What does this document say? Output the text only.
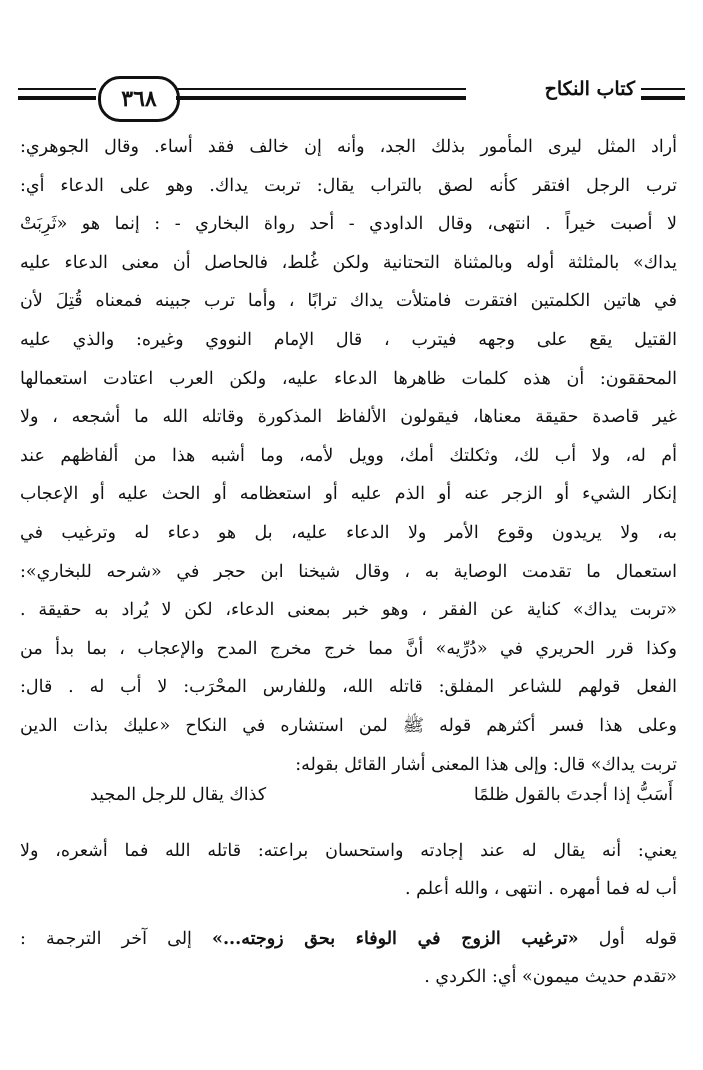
٣٦٨	كتاب النكاح
أراد المثل ليرى المأمور بذلك الجد، وأنه إن خالف فقد أساء. وقال الجوهري:
ترب الرجل افتقر كأنه لصق بالتراب يقال: تربت يداك. وهو على الدعاء أي:
لا أصبت خيراً . انتهى، وقال الداودي - أحد رواة البخاري - : إنما هو «ثَرِبَتْ
يداك» بالمثلثة أوله وبالمثناة التحتانية ولكن غُلط، فالحاصل أن معنى الدعاء عليه
في هاتين الكلمتين افتقرت فامتلأت يداك ترابًا ، وأما ترب جبينه فمعناه قُتِلَ لأن
القتيل يقع على وجهه فيترب ، قال الإمام النووي وغيره: والذي عليه
المحققون: أن هذه كلمات ظاهرها الدعاء عليه، ولكن العرب اعتادت استعمالها
غير قاصدة حقيقة معناها، فيقولون الألفاظ المذكورة وقاتله الله ما أشجعه ، ولا
أم له، ولا أب لك، وثكلتك أمك، وويل لأمه، وما أشبه هذا من ألفاظهم عند
إنكار الشيء أو الزجر عنه أو الذم عليه أو استعظامه أو الحث عليه أو الإعجاب
به، ولا يريدون وقوع الأمر ولا الدعاء عليه، بل هو دعاء له وترغيب في
استعمال ما تقدمت الوصاية به ، وقال شيخنا ابن حجر في «شرحه للبخاري»:
«تربت يداك» كناية عن الفقر ، وهو خبر بمعنى الدعاء، لكن لا يُراد به حقيقة .
وكذا قرر الحريري في «دُرِّيه» أنَّ مما خرج مخرج المدح والإعجاب ، بما بدأ من
الفعل قولهم للشاعر المفلق: قاتله الله، وللفارس المحْرَب: لا أب له . قال:
وعلى هذا فسر أكثرهم قوله ﷺ لمن استشاره في النكاح «عليك بذات الدين
تربت يداك» قال: وإلى هذا المعنى أشار القائل بقوله:
أَسَبُّ إذا أجدتَ بالقول ظلمًا
كذاك يقال للرجل المجيد
يعني: أنه يقال له عند إجادته واستحسان براعته: قاتله الله فما أشعره، ولا
أب له فما أمهره . انتهى ، والله أعلم .
قوله أول «ترغيب الزوج في الوفاء بحق زوجته...» إلى آخر الترجمة :
«تقدم حديث ميمون» أي: الكردي .
